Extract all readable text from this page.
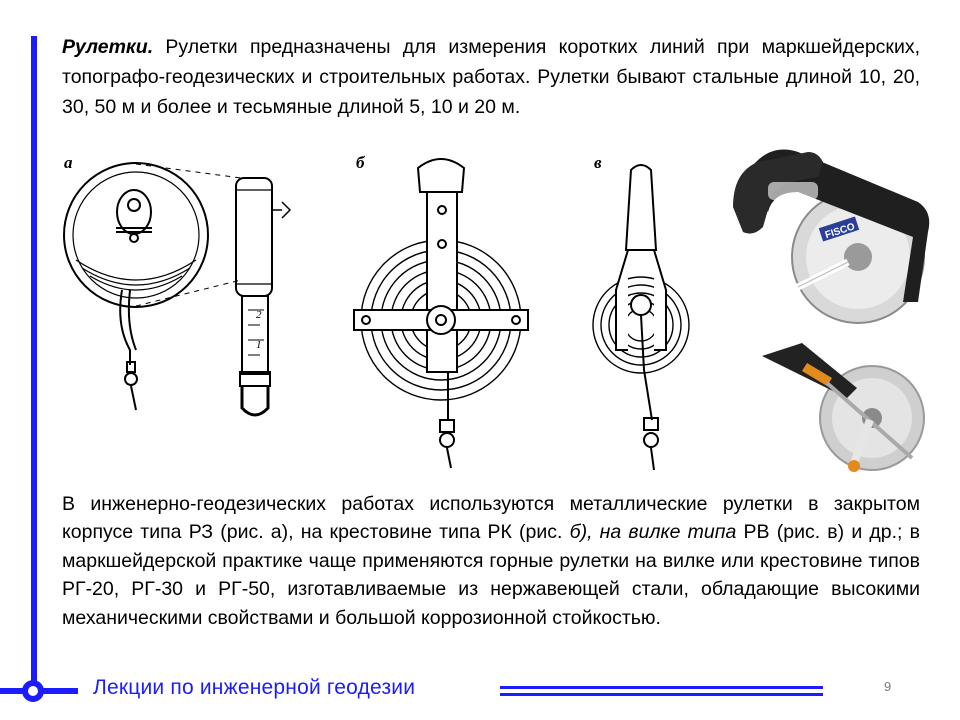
Рулетки. Рулетки предназначены для измерения коротких линий при маркшейдерских, топографо-геодезических и строительных работах. Рулетки бывают стальные длиной 10, 20, 30, 50 м и более и тесьмяные длиной 5, 10 и 20 м.

2
1
а	б	в
FISCO

В инженерно-геодезических работах используются металлические рулетки в закрытом корпусе типа РЗ (рис. а), на крестовине типа РК (рис. б), на вилке типа РВ (рис. в) и др.; в маркшейдерской практике чаще применяются горные рулетки на вилке или крестовине типов РГ-20, РГ-30 и РГ-50, изготавливаемые из нержавеющей стали, обладающие высокими механическими свойствами и большой коррозионной стойкостью.

Лекции по инженерной геодезии	9
